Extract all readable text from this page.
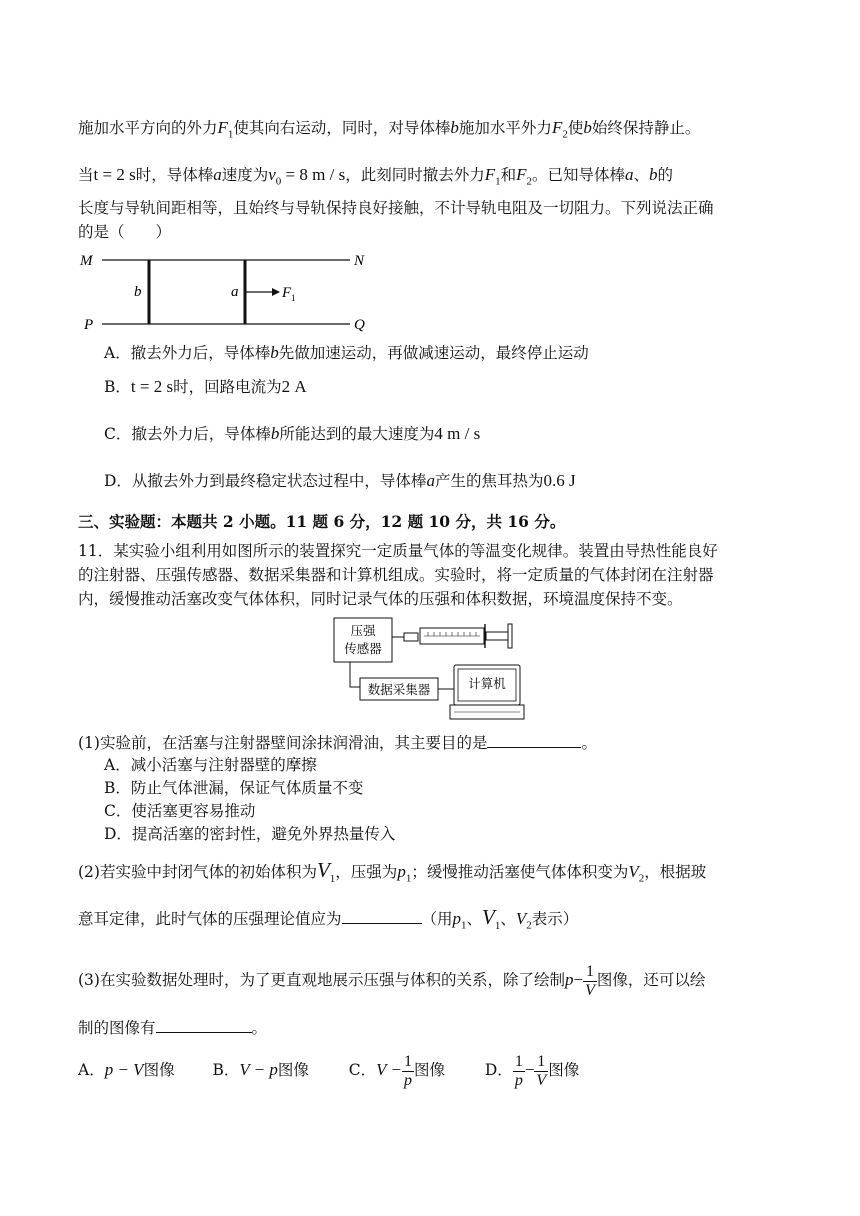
施加水平方向的外力$F_1$使其向右运动，同时，对导体棒b施加水平外力$F_2$使b始终保持静止。
当t = 2 s时，导体棒a速度为$v_0 = 8$ m / s，此刻同时撤去外力$F_1$和$F_2$。已知导体棒a、b的
长度与导轨间距相等，且始终与导轨保持良好接触，不计导轨电阻及一切阻力。下列说法正确
的是（　　）
M	N
P	Q
b	a	F 1
A．撤去外力后，导体棒b先做加速运动，再做减速运动，最终停止运动
B．t = 2 s时，回路电流为2 A
C．撤去外力后，导体棒b所能达到的最大速度为4 m / s
D．从撤去外力到最终稳定状态过程中，导体棒a产生的焦耳热为0.6 J
三、实验题：本题共 2 小题。11 题 6 分，12 题 10 分，共 16 分。
11．某实验小组利用如图所示的装置探究一定质量气体的等温变化规律。装置由导热性能良好
的注射器、压强传感器、数据采集器和计算机组成。实验时，将一定质量的气体封闭在注射器
内，缓慢推动活塞改变气体体积，同时记录气体的压强和体积数据，环境温度保持不变。
压强
传感器
数据采集器	计算机
(1)实验前，在活塞与注射器壁间涂抹润滑油，其主要目的是	。
A．减小活塞与注射器壁的摩擦
B．防止气体泄漏，保证气体质量不变
C．使活塞更容易推动
D．提高活塞的密封性，避免外界热量传入
(2)若实验中封闭气体的初始体积为$V_1$，压强为$p_1$；缓慢推动活塞使气体体积变为$V_2$，根据玻
意耳定律，此时气体的压强理论值应为	（用$p_1$、$V_1$、$V_2$表示）
(3)在实验数据处理时，为了更直观地展示压强与体积的关系，除了绘制$p- \frac{1}{V}$ 图像，还可以绘
制的图像有	。
A．p − V图像 B．V − p图像	C．$V - \frac{1}{p}$ 图像	D． $\frac{1}{p} - \frac{1}{V}$ 图像
